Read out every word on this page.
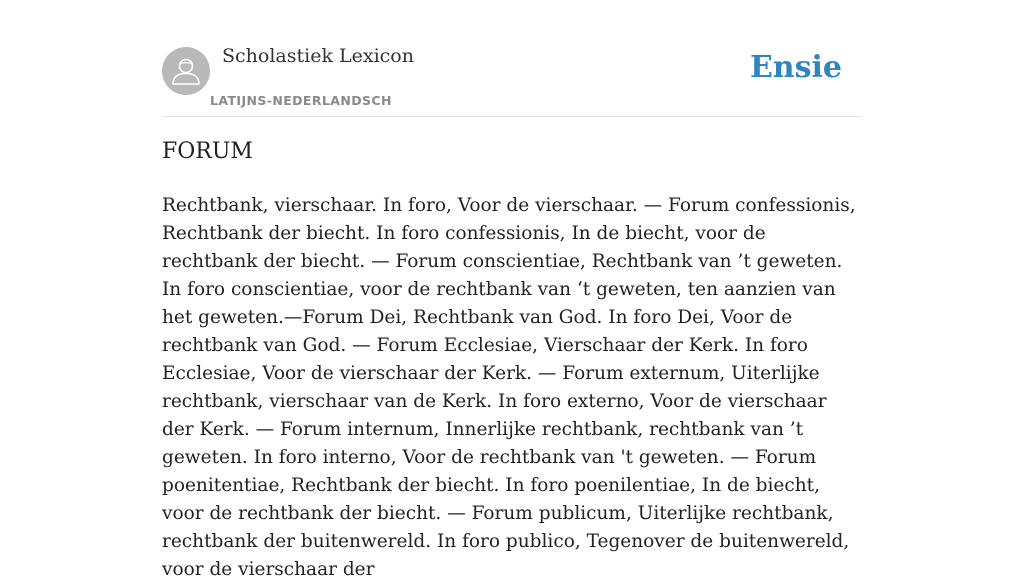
Scholastiek Lexicon
LATIJNS-NEDERLANDSCH
Ensie
FORUM

Rechtbank, vierschaar. In foro, Voor de vierschaar. — Forum confessionis, Rechtbank der biecht. In foro confessionis, In de biecht, voor de rechtbank der biecht. — Forum conscientiae, Rechtbank van ’t geweten. In foro conscientiae, voor de rechtbank van ‘t geweten, ten aanzien van het geweten.—Forum Dei, Rechtbank van God. In foro Dei, Voor de rechtbank van God. — Forum Ecclesiae, Vierschaar der Kerk. In foro Ecclesiae, Voor de vierschaar der Kerk. — Forum externum, Uiterlijke rechtbank, vierschaar van de Kerk. In foro externo, Voor de vierschaar der Kerk. — Forum internum, Innerlijke rechtbank, rechtbank van ’t geweten. In foro interno, Voor de rechtbank van 't geweten. — Forum poenitentiae, Rechtbank der biecht. In foro poenilentiae, In de biecht, voor de rechtbank der biecht. — Forum publicum, Uiterlijke rechtbank, rechtbank der buitenwereld. In foro publico, Tegenover de buitenwereld, voor de vierschaar der
